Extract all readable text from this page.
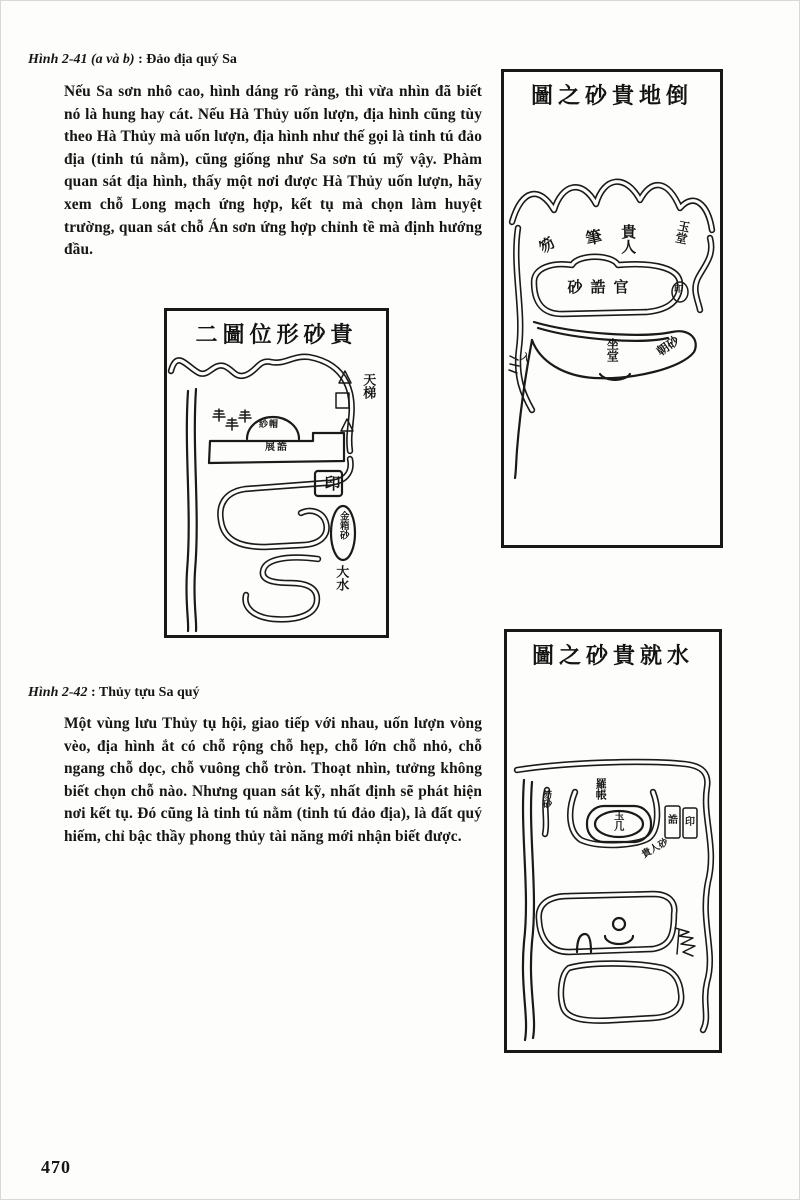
Hình 2-41 (a và b) : Đảo địa quý Sa

Nếu Sa sơn nhô cao, hình dáng rõ ràng, thì vừa nhìn đã biết nó là hung hay cát. Nếu Hà Thủy uốn lượn, địa hình cũng tùy theo Hà Thủy mà uốn lượn, địa hình như thế gọi là tinh tú đảo địa (tinh tú nằm), cũng giống như Sa sơn tú mỹ vậy. Phàm quan sát địa hình, thấy một nơi được Hà Thủy uốn lượn, hãy xem chỗ Long mạch ứng hợp, kết tụ mà chọn làm huyệt trường, quan sát chỗ Án sơn ứng hợp chỉnh tề mà định hướng đầu.

二圖位形砂貴
天梯
紗帽
展誥
印
金箱砂
大水
Hình 2-42 : Thủy tựu Sa quý

Một vùng lưu Thủy tụ hội, giao tiếp với nhau, uốn lượn vòng vèo, địa hình ắt có chỗ rộng chỗ hẹp, chỗ lớn chỗ nhỏ, chỗ ngang chỗ dọc, chỗ vuông chỗ tròn. Thoạt nhìn, tưởng không biết chọn chỗ nào. Nhưng quan sát kỹ, nhất định sẽ phát hiện nơi kết tụ. Đó cũng là tinh tú nằm (tinh tú đảo địa), là đất quý hiếm, chỉ bậc thầy phong thủy tài năng mới nhận biết được.

圖之砂貴地倒
笏 筆 貴人	玉堂
砂誥官	印
坐堂	朝砂
入
圖之砂貴就水
笏砂	羅帳
玉几	誥 印
貴人砂
470
